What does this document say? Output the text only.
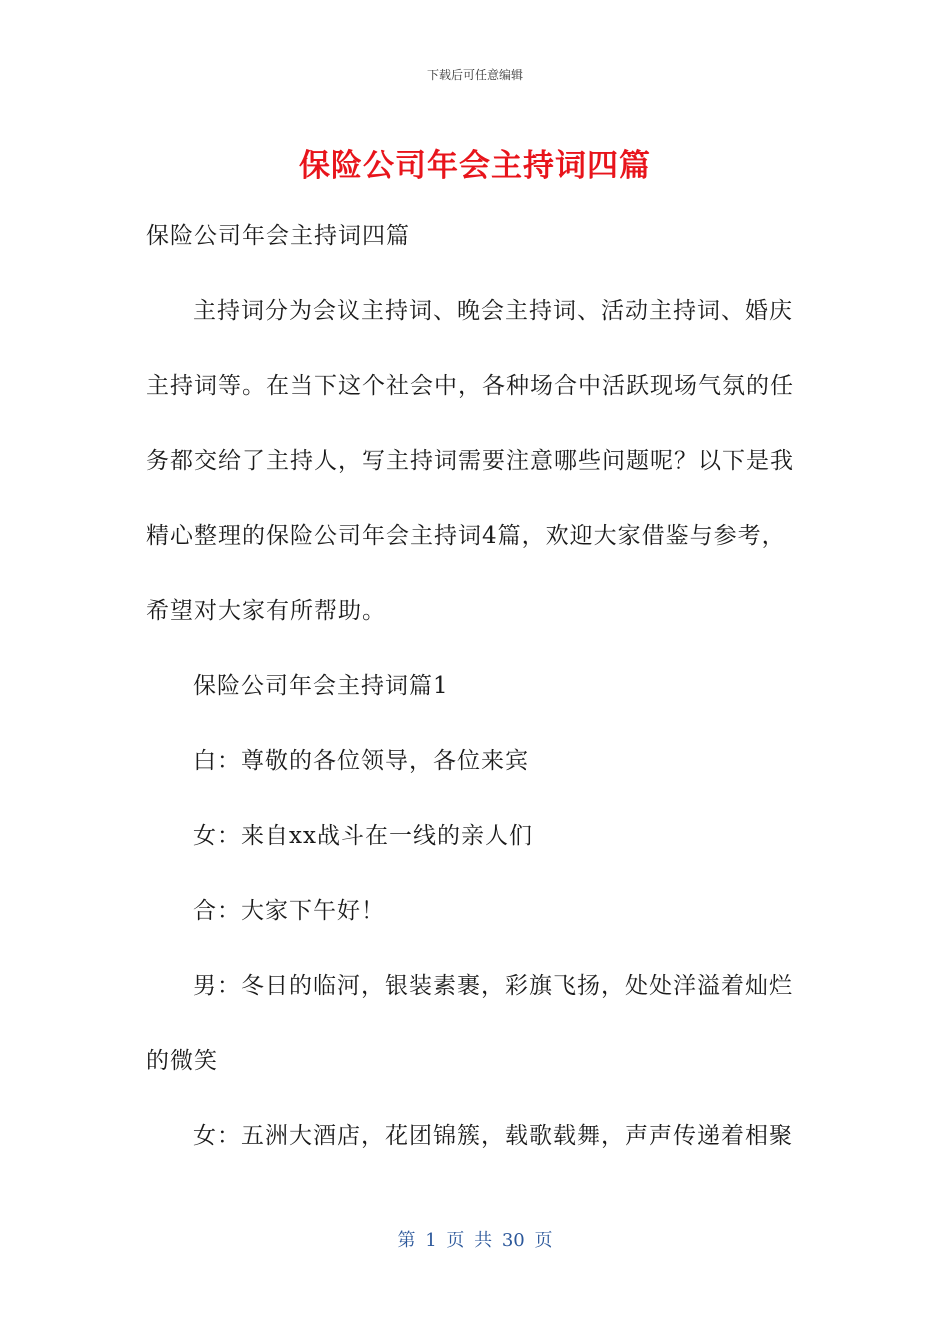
下载后可任意编辑
保险公司年会主持词四篇

保险公司年会主持词四篇

主持词分为会议主持词、晚会主持词、活动主持词、婚庆

主持词等。在当下这个社会中，各种场合中活跃现场气氛的任

务都交给了主持人，写主持词需要注意哪些问题呢？以下是我

精心整理的保险公司年会主持词4篇，欢迎大家借鉴与参考，

希望对大家有所帮助。

保险公司年会主持词篇1

白：尊敬的各位领导，各位来宾

女：来自xx战斗在一线的亲人们

合：大家下午好！

男：冬日的临河，银装素裹，彩旗飞扬，处处洋溢着灿烂

的微笑

女：五洲大酒店，花团锦簇，载歌载舞，声声传递着相聚

第 1 页 共 30 页
